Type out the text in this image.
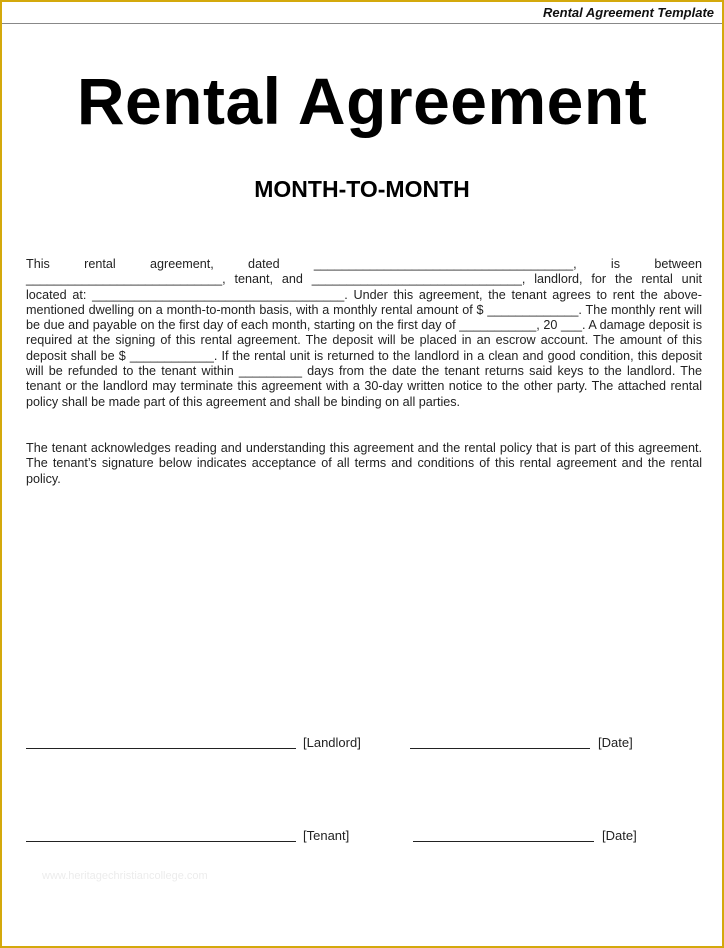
Rental Agreement Template
Rental Agreement
MONTH-TO-MONTH
This rental agreement, dated _____________________________________, is between ____________________________, tenant, and ______________________________, landlord, for the rental unit located at: ____________________________________. Under this agreement, the tenant agrees to rent the above-mentioned dwelling on a month-to-month basis, with a monthly rental amount of $ _____________. The monthly rent will be due and payable on the first day of each month, starting on the first day of ___________, 20 ___. A damage deposit is required at the signing of this rental agreement. The deposit will be placed in an escrow account. The amount of this deposit shall be $ ____________. If the rental unit is returned to the landlord in a clean and good condition, this deposit will be refunded to the tenant within _________ days from the date the tenant returns said keys to the landlord. The tenant or the landlord may terminate this agreement with a 30-day written notice to the other party. The attached rental policy shall be made part of this agreement and shall be binding on all parties.
The tenant acknowledges reading and understanding this agreement and the rental policy that is part of this agreement. The tenant’s signature below indicates acceptance of all terms and conditions of this rental agreement and the rental policy.
[Landlord]	[Date]
[Tenant]	[Date]
www.heritagechristiancollege.com
